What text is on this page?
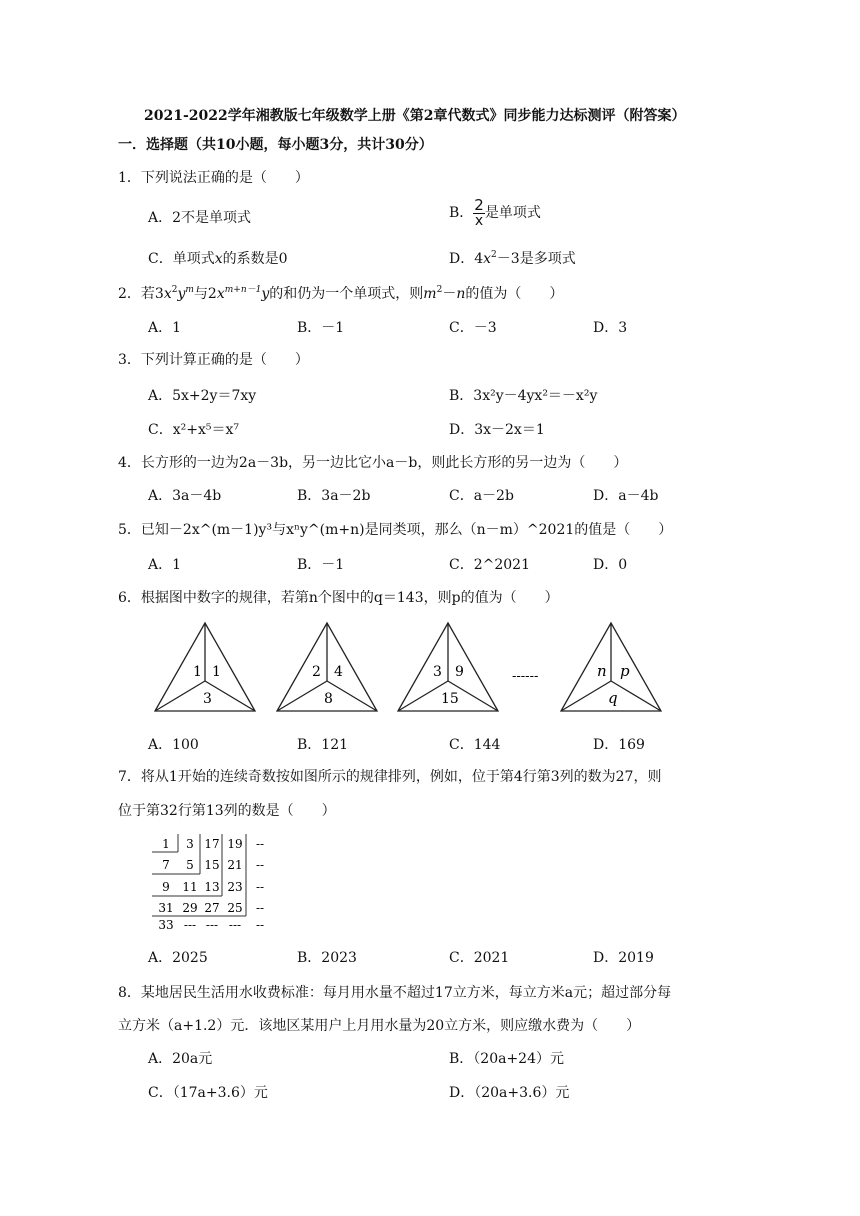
2021-2022学年湘教版七年级数学上册《第2章代数式》同步能力达标测评（附答案）
一．选择题（共10小题，每小题3分，共计30分）
1．下列说法正确的是（　　）
A．2不是单项式	B． $\frac{2}{x}$ 是单项式
C．单项式x的系数是0	D．$4x^2-3$是多项式
2．若$3x^2y^m$与$2x^{m+n-1}y$的和仍为一个单项式，则$m^2-n$的值为（　　）
A．1	B．－1	C．－3	D．3
3．下列计算正确的是（　　）
A．5x+2y＝7xy	B．3x²y－4yx²＝－x²y
C．x²+x⁵＝x⁷	D．3x－2x＝1
4．长方形的一边为2a－3b，另一边比它小a－b，则此长方形的另一边为（　　）
A．3a－4b	B．3a－2b	C．a－2b	D．a－4b
5．已知－2x^(m－1)y³与xⁿy^(m+n)是同类项，那么（n－m）^2021的值是（　　）
A．1	B．－1	C．2^2021	D．0
6．根据图中数字的规律，若第n个图中的q＝143，则p的值为（　　）
1 1
3
2 4
8
3 9
15
------	n p
q
A．100	B．121	C．144	D．169
7．将从1开始的连续奇数按如图所示的规律排列，例如，位于第4行第3列的数为27，则
位于第32行第13列的数是（　　）
1 3 17 19 --
7 5 15 21 --
9 11 13 23 --
31 29 27 25 --
33 --- --- --- --
A．2025	B．2023	C．2021	D．2019
8．某地居民生活用水收费标准：每月用水量不超过17立方米，每立方米a元；超过部分每
立方米（a+1.2）元．该地区某用户上月用水量为20立方米，则应缴水费为（　　）
A．20a元	B．（20a+24）元
C．（17a+3.6）元	D．（20a+3.6）元
